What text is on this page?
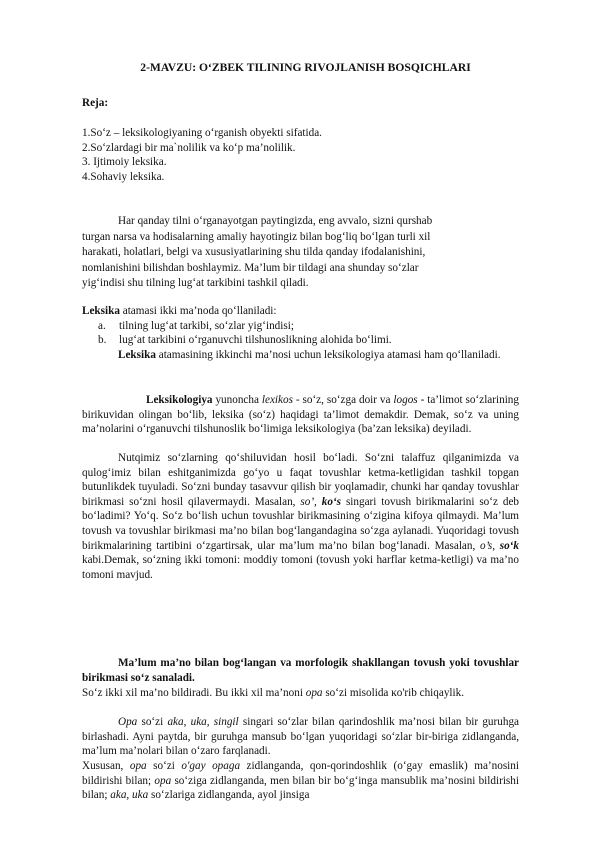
2-MAVZU: O‘ZBEK TILINING RIVOJLANISH BOSQICHLARI
Reja:

1.So‘z – leksikologiyaning o‘rganish obyekti sifatida.

2.So‘zlardagi bir ma`nolilik va ko‘p ma’nolilik.

3. Ijtimoiy leksika.

4.Sohaviy leksika.

Har qanday tilni o‘rganayotgan paytingizda, eng avvalo, sizni qurshab turgan narsa va hodisalarning amaliy hayotingiz bilan bog‘liq bo‘lgan turli xil harakati, holatlari, belgi va xususiyatlarining shu tilda qanday ifodalanishini, nomlanishini bilishdan boshlaymiz. Ma’lum bir tildagi ana shunday so‘zlar yig‘indisi shu tilning lug‘at tarkibini tashkil qiladi.

Leksika atamasi ikki ma’noda qo‘llaniladi:

a. tilning lug‘at tarkibi, so‘zlar yig‘indisi;
b. lug‘at tarkibini o‘rganuvchi tilshunoslikning alohida bo‘limi.

Leksika atamasining ikkinchi ma’nosi uchun leksikologiya atamasi ham qo‘llaniladi.

Leksikologiya yunoncha lexikos - so‘z, so‘zga doir va logos - ta’limot so‘zlarining birikuvidan olingan bo‘lib, leksika (so‘z) haqidagi ta’limot demakdir. Demak, so‘z va uning ma’nolarini o‘rganuvchi tilshunoslik bo‘limiga leksikologiya (ba’zan leksika) deyiladi.
Nutqimiz so‘zlarning qo‘shiluvidan hosil bo‘ladi. So‘zni talaffuz qilganimizda va qulog‘imiz bilan eshitganimizda go‘yo u faqat tovushlar ketma-ketligidan tashkil topgan butunlikdek tuyuladi. So‘zni bunday tasavvur qilish bir yoqlamadir, chunki har qanday tovushlar birikmasi so‘zni hosil qilavermaydi. Masalan, so’, ko‘s singari tovush birikmalarini so‘z deb bo‘ladimi? Yo‘q. So‘z bo‘lish uchun tovushlar birikmasining o‘zigina kifoya qilmaydi. Ma’lum tovush va tovushlar birikmasi ma’no bilan bog‘langandagina so‘zga aylanadi. Yuqoridagi tovush birikmalarining tartibini o‘zgartirsak, ular ma’lum ma’no bilan bog‘lanadi. Masalan, o’s, so‘k kabi.Demak, so‘zning ikki tomoni: moddiy tomoni (tovush yoki harflar ketma-ketligi) va ma’no tomoni mavjud.
Ma’lum ma’no bilan bog‘langan va morfologik shakllangan tovush yoki tovushlar birikmasi so‘z sanaladi.
So‘z ikki xil ma’no bildiradi. Bu ikki xil ma’noni opa so‘zi misolida ĸo'rib chiqaylik.
Opa so‘zi aka, uka, singil singari so‘zlar bilan qarindoshlik ma’nosi bilan bir guruhga birlashadi. Ayni paytda, bir guruhga mansub bo‘lgan yuqoridagi so‘zlar bir-biriga zidlanganda, ma’lum ma’nolari bilan o‘zaro farqlanadi.
Xususan, opa so‘zi o'gay opaga zidlanganda, qon-qorindoshlik (o‘gay emaslik) ma’nosini bildirishi bilan; opa so‘ziga zidlanganda, men bilan bir bo‘g‘inga mansublik ma’nosini bildirishi bilan; aka, uka so‘zlariga zidlanganda, ayol jinsiga
